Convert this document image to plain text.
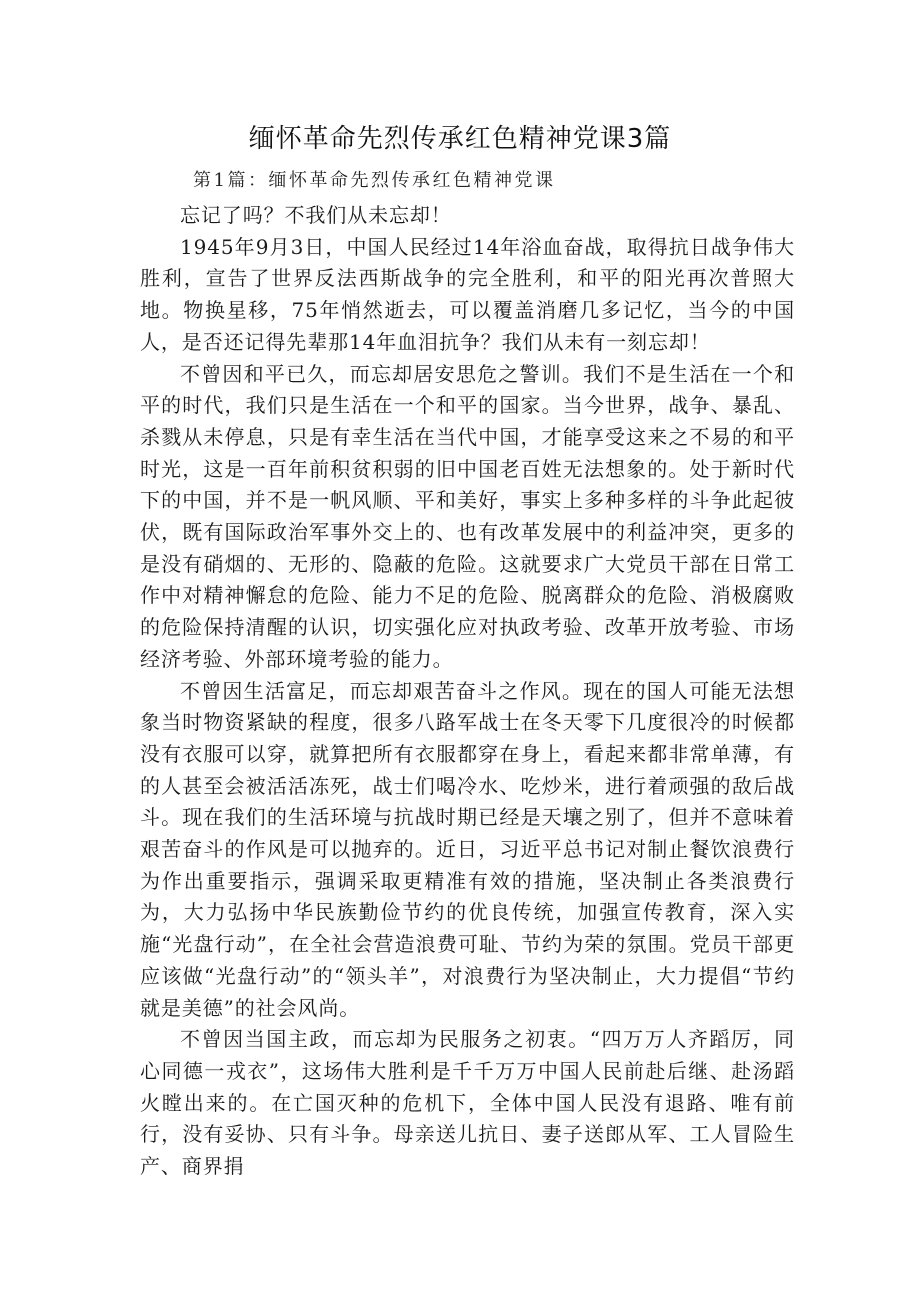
缅怀革命先烈传承红色精神党课3篇
第1篇：缅怀革命先烈传承红色精神党课

忘记了吗？不我们从未忘却！

1945年9月3日，中国人民经过14年浴血奋战，取得抗日战争伟大胜利，宣告了世界反法西斯战争的完全胜利，和平的阳光再次普照大地。物换星移，75年悄然逝去，可以覆盖消磨几多记忆，当今的中国人，是否还记得先辈那14年血泪抗争？我们从未有一刻忘却！

不曾因和平已久，而忘却居安思危之警训。我们不是生活在一个和平的时代，我们只是生活在一个和平的国家。当今世界，战争、暴乱、杀戮从未停息，只是有幸生活在当代中国，才能享受这来之不易的和平时光，这是一百年前积贫积弱的旧中国老百姓无法想象的。处于新时代下的中国，并不是一帆风顺、平和美好，事实上多种多样的斗争此起彼伏，既有国际政治军事外交上的、也有改革发展中的利益冲突，更多的是没有硝烟的、无形的、隐蔽的危险。这就要求广大党员干部在日常工作中对精神懈怠的危险、能力不足的危险、脱离群众的危险、消极腐败的危险保持清醒的认识，切实强化应对执政考验、改革开放考验、市场经济考验、外部环境考验的能力。

不曾因生活富足，而忘却艰苦奋斗之作风。现在的国人可能无法想象当时物资紧缺的程度，很多八路军战士在冬天零下几度很冷的时候都没有衣服可以穿，就算把所有衣服都穿在身上，看起来都非常单薄，有的人甚至会被活活冻死，战士们喝冷水、吃炒米，进行着顽强的敌后战斗。现在我们的生活环境与抗战时期已经是天壤之别了，但并不意味着艰苦奋斗的作风是可以抛弃的。近日，习近平总书记对制止餐饮浪费行为作出重要指示，强调采取更精准有效的措施，坚决制止各类浪费行为，大力弘扬中华民族勤俭节约的优良传统，加强宣传教育，深入实施“光盘行动”，在全社会营造浪费可耻、节约为荣的氛围。党员干部更应该做“光盘行动”的“领头羊”，对浪费行为坚决制止，大力提倡“节约就是美德”的社会风尚。

不曾因当国主政，而忘却为民服务之初衷。“四万万人齐蹈厉，同心同德一戎衣”，这场伟大胜利是千千万万中国人民前赴后继、赴汤蹈火瞠出来的。在亡国灭种的危机下，全体中国人民没有退路、唯有前行，没有妥协、只有斗争。母亲送儿抗日、妻子送郎从军、工人冒险生产、商界捐
